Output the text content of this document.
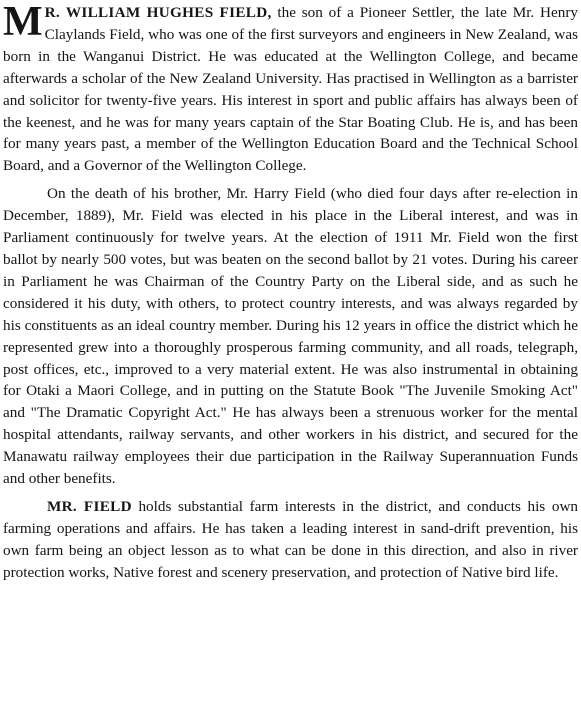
M R. WILLIAM HUGHES FIELD, the son of a Pioneer Settler, the late Mr. Henry Claylands Field, who was one of the first surveyors and engineers in New Zealand, was born in the Wanganui District. He was educated at the Wellington College, and became afterwards a scholar of the New Zealand University. Has practised in Wellington as a barrister and solicitor for twenty-five years. His interest in sport and public affairs has always been of the keenest, and he was for many years captain of the Star Boating Club. He is, and has been for many years past, a member of the Wellington Education Board and the Technical School Board, and a Governor of the Wellington College.

On the death of his brother, Mr. Harry Field (who died four days after re-election in December, 1889), Mr. Field was elected in his place in the Liberal interest, and was in Parliament continuously for twelve years. At the election of 1911 Mr. Field won the first ballot by nearly 500 votes, but was beaten on the second ballot by 21 votes. During his career in Parliament he was Chairman of the Country Party on the Liberal side, and as such he considered it his duty, with others, to protect country interests, and was always regarded by his constituents as an ideal country member. During his 12 years in office the district which he represented grew into a thoroughly prosperous farming community, and all roads, telegraph, post offices, etc., improved to a very material extent. He was also instrumental in obtaining for Otaki a Maori College, and in putting on the Statute Book "The Juvenile Smoking Act" and "The Dramatic Copyright Act." He has always been a strenuous worker for the mental hospital attendants, railway servants, and other workers in his district, and secured for the Manawatu railway employees their due participation in the Railway Superannuation Funds and other benefits.

MR. FIELD holds substantial farm interests in the district, and conducts his own farming operations and affairs. He has taken a leading interest in sand-drift prevention, his own farm being an object lesson as to what can be done in this direction, and also in river protection works, Native forest and scenery preservation, and protection of Native bird life.
